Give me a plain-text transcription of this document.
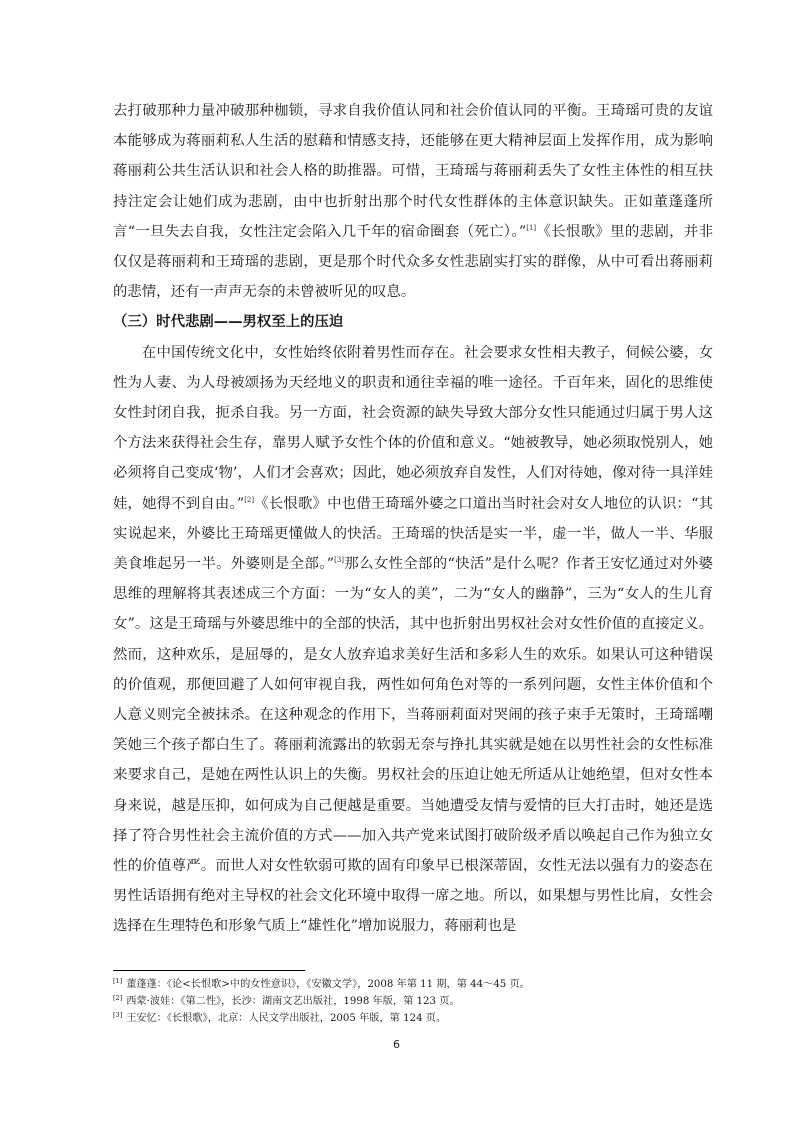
去打破那种力量冲破那种枷锁，寻求自我价值认同和社会价值认同的平衡。王琦瑶可贵的友谊本能够成为蒋丽莉私人生活的慰藉和情感支持，还能够在更大精神层面上发挥作用，成为影响蒋丽莉公共生活认识和社会人格的助推器。可惜，王琦瑶与蒋丽莉丢失了女性主体性的相互扶持注定会让她们成为悲剧，由中也折射出那个时代女性群体的主体意识缺失。正如董蓬蓬所言“一旦失去自我，女性注定会陷入几千年的宿命圈套（死亡）。”[1]《长恨歌》里的悲剧，并非仅仅是蒋丽莉和王琦瑶的悲剧，更是那个时代众多女性悲剧实打实的群像，从中可看出蒋丽莉的悲情，还有一声声无奈的未曾被听见的叹息。

（三）时代悲剧——男权至上的压迫

在中国传统文化中，女性始终依附着男性而存在。社会要求女性相夫教子，伺候公婆，女性为人妻、为人母被颂扬为天经地义的职责和通往幸福的唯一途径。千百年来，固化的思维使女性封闭自我，扼杀自我。另一方面，社会资源的缺失导致大部分女性只能通过归属于男人这个方法来获得社会生存，靠男人赋予女性个体的价值和意义。“她被教导，她必须取悦别人，她必须将自己变成‘物’，人们才会喜欢；因此，她必须放弃自发性，人们对待她，像对待一具洋娃娃，她得不到自由。”[2]《长恨歌》中也借王琦瑶外婆之口道出当时社会对女人地位的认识：“其实说起来，外婆比王琦瑶更懂做人的快活。王琦瑶的快活是实一半，虚一半，做人一半、华服美食堆起另一半。外婆则是全部。”[3]那么女性全部的“快活”是什么呢？作者王安忆通过对外婆思维的理解将其表述成三个方面：一为“女人的美”，二为“女人的幽静”，三为“女人的生儿育女”。这是王琦瑶与外婆思维中的全部的快活，其中也折射出男权社会对女性价值的直接定义。然而，这种欢乐，是屈辱的，是女人放弃追求美好生活和多彩人生的欢乐。如果认可这种错误的价值观，那便回避了人如何审视自我，两性如何角色对等的一系列问题，女性主体价值和个人意义则完全被抹杀。在这种观念的作用下，当蒋丽莉面对哭闹的孩子束手无策时，王琦瑶嘲笑她三个孩子都白生了。蒋丽莉流露出的软弱无奈与挣扎其实就是她在以男性社会的女性标准来要求自己，是她在两性认识上的失衡。男权社会的压迫让她无所适从让她绝望，但对女性本身来说，越是压抑，如何成为自己便越是重要。当她遭受友情与爱情的巨大打击时，她还是选择了符合男性社会主流价值的方式——加入共产党来试图打破阶级矛盾以唤起自己作为独立女性的价值尊严。而世人对女性软弱可欺的固有印象早已根深蒂固，女性无法以强有力的姿态在男性话语拥有绝对主导权的社会文化环境中取得一席之地。所以，如果想与男性比肩，女性会选择在生理特色和形象气质上“雄性化”增加说服力，蒋丽莉也是

[1] 董蓬蓬：《论<长恨歌>中的女性意识》，《安徽文学》，2008 年第 11 期，第 44～45 页。

[2] 西蒙·波娃：《第二性》，长沙：湖南文艺出版社，1998 年版，第 123 页。

[3] 王安忆：《长恨歌》，北京：人民文学出版社，2005 年版，第 124 页。

6
